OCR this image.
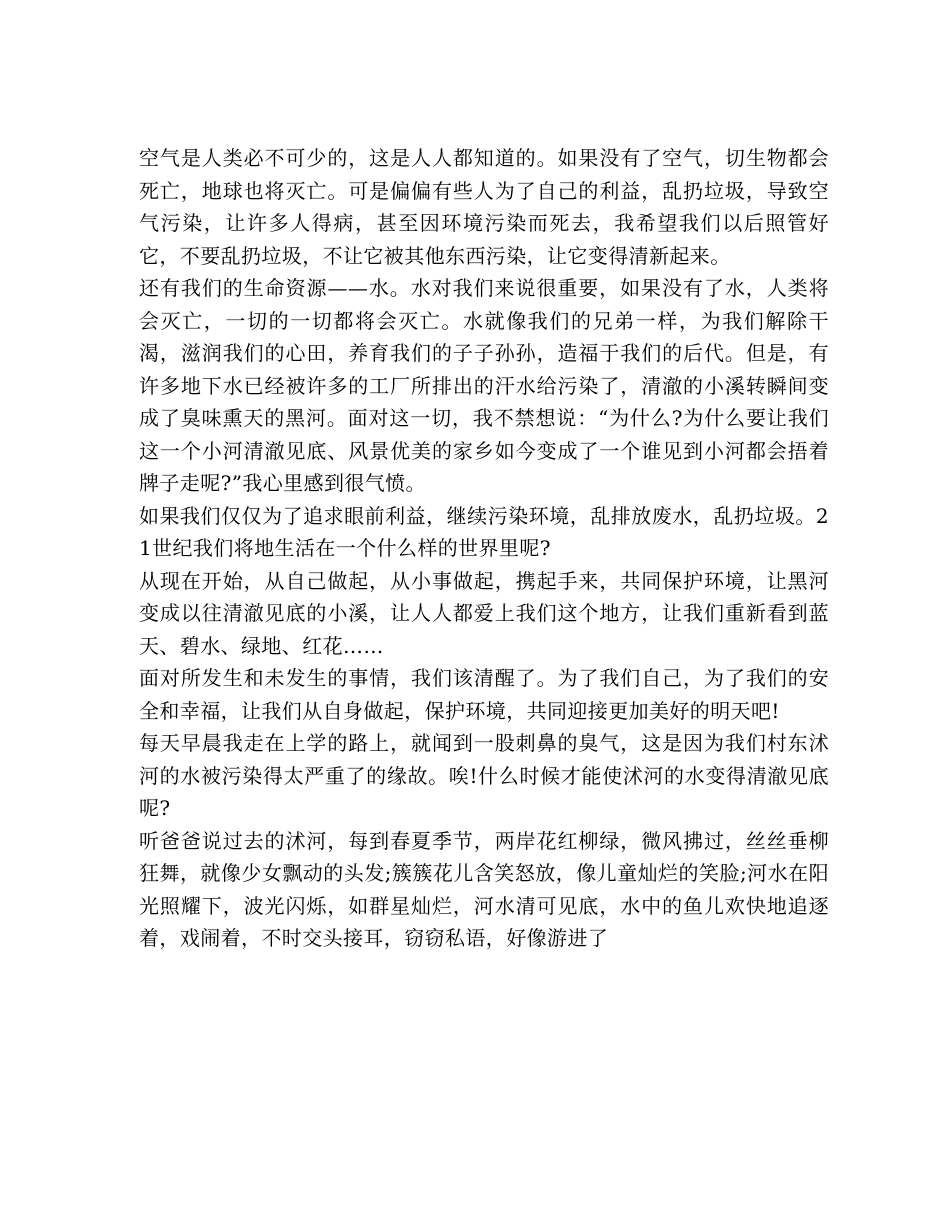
空气是人类必不可少的，这是人人都知道的。如果没有了空气，切生物都会死亡，地球也将灭亡。可是偏偏有些人为了自己的利益，乱扔垃圾，导致空气污染，让许多人得病，甚至因环境污染而死去，我希望我们以后照管好它，不要乱扔垃圾，不让它被其他东西污染，让它变得清新起来。

还有我们的生命资源——水。水对我们来说很重要，如果没有了水，人类将会灭亡，一切的一切都将会灭亡。水就像我们的兄弟一样，为我们解除干渴，滋润我们的心田，养育我们的子子孙孙，造福于我们的后代。但是，有许多地下水已经被许多的工厂所排出的汗水给污染了，清澈的小溪转瞬间变成了臭味熏天的黑河。面对这一切，我不禁想说：“为什么?为什么要让我们这一个小河清澈见底、风景优美的家乡如今变成了一个谁见到小河都会捂着牌子走呢?”我心里感到很气愤。

如果我们仅仅为了追求眼前利益，继续污染环境，乱排放废水，乱扔垃圾。21世纪我们将地生活在一个什么样的世界里呢?

从现在开始，从自己做起，从小事做起，携起手来，共同保护环境，让黑河变成以往清澈见底的小溪，让人人都爱上我们这个地方，让我们重新看到蓝天、碧水、绿地、红花……

面对所发生和未发生的事情，我们该清醒了。为了我们自己，为了我们的安全和幸福，让我们从自身做起，保护环境，共同迎接更加美好的明天吧!

每天早晨我走在上学的路上，就闻到一股刺鼻的臭气，这是因为我们村东沭河的水被污染得太严重了的缘故。唉!什么时候才能使沭河的水变得清澈见底呢?

听爸爸说过去的沭河，每到春夏季节，两岸花红柳绿，微风拂过，丝丝垂柳狂舞，就像少女飘动的头发;簇簇花儿含笑怒放，像儿童灿烂的笑脸;河水在阳光照耀下，波光闪烁，如群星灿烂，河水清可见底，水中的鱼儿欢快地追逐着，戏闹着，不时交头接耳，窃窃私语，好像游进了
